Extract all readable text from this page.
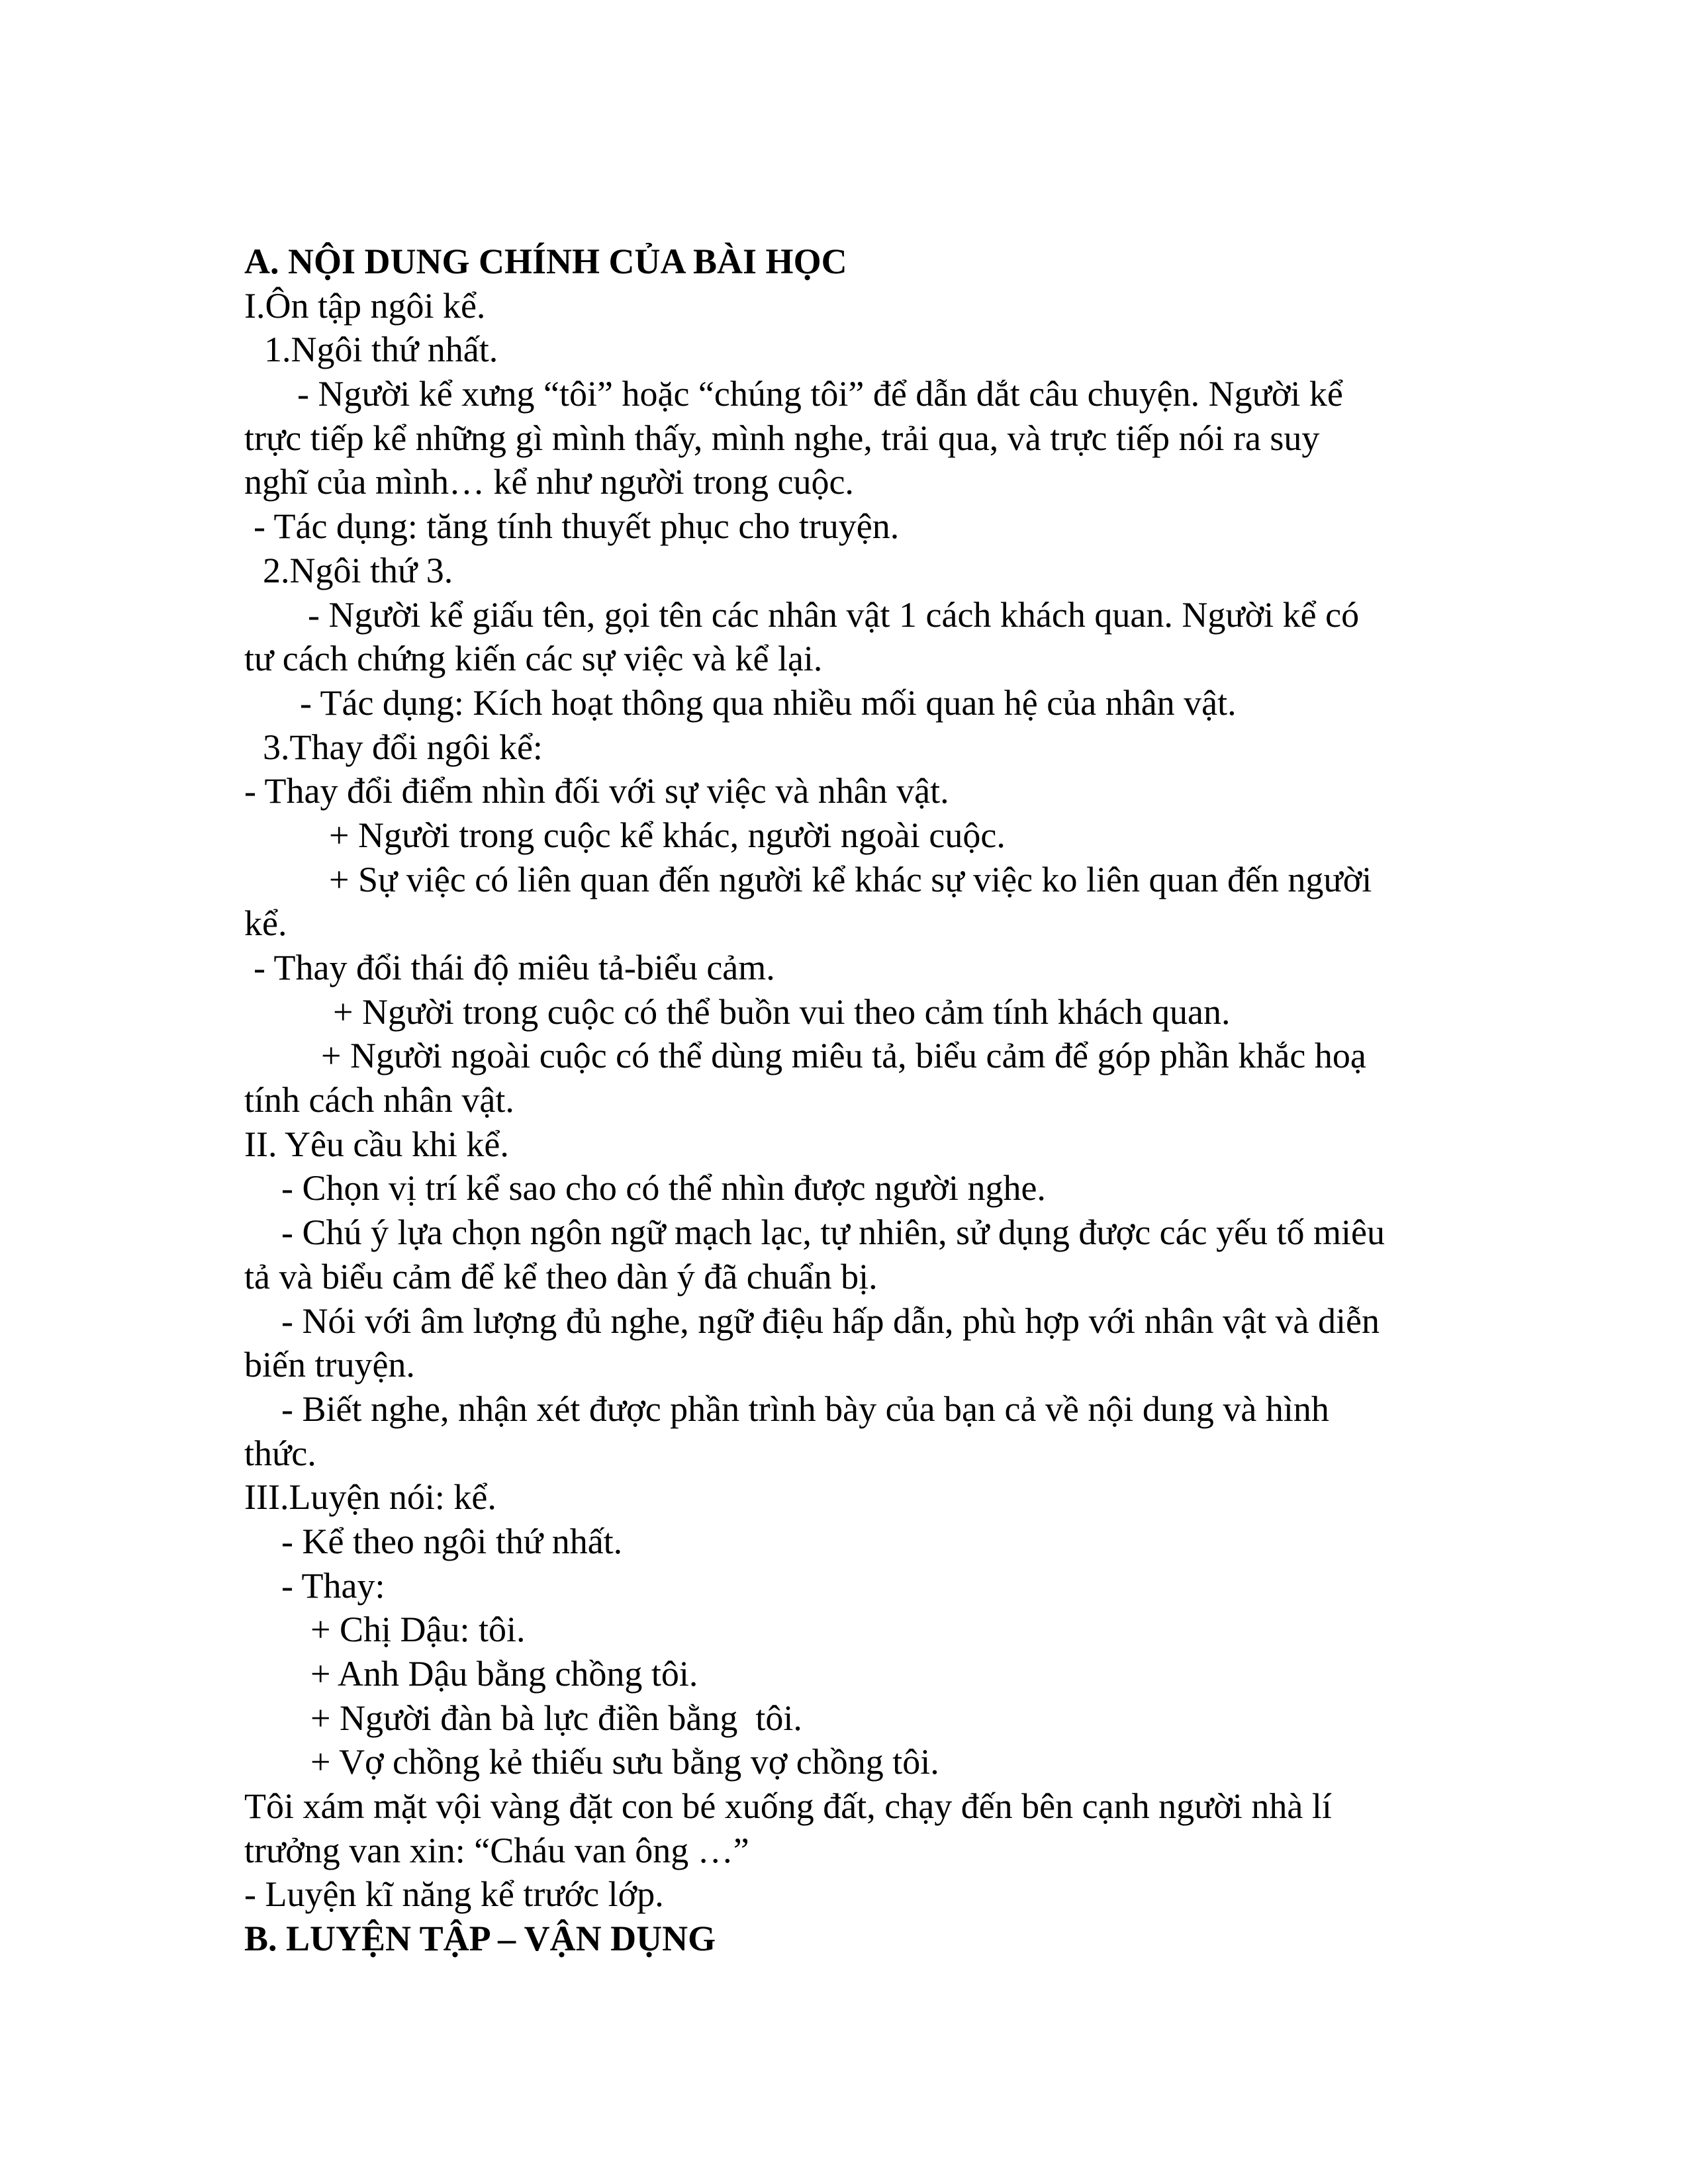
A. NỘI DUNG CHÍNH CỦA BÀI HỌC
I.Ôn tập ngôi kể.
1.Ngôi thứ nhất.
- Người kể xưng “tôi” hoặc “chúng tôi” để dẫn dắt câu chuyện. Người kể
trực tiếp kể những gì mình thấy, mình nghe, trải qua, và trực tiếp nói ra suy
nghĩ của mình… kể như người trong cuộc.
- Tác dụng: tăng tính thuyết phục cho truyện.
2.Ngôi thứ 3.
- Người kể giấu tên, gọi tên các nhân vật 1 cách khách quan. Người kể có
tư cách chứng kiến các sự việc và kể lại.
- Tác dụng: Kích hoạt thông qua nhiều mối quan hệ của nhân vật.
3.Thay đổi ngôi kể:
- Thay đổi điểm nhìn đối với sự việc và nhân vật.
+ Người trong cuộc kể khác, người ngoài cuộc.
+ Sự việc có liên quan đến người kể khác sự việc ko liên quan đến người
kể.
- Thay đổi thái độ miêu tả-biểu cảm.
+ Người trong cuộc có thể buồn vui theo cảm tính khách quan.
+ Người ngoài cuộc có thể dùng miêu tả, biểu cảm để góp phần khắc hoạ
tính cách nhân vật.
II. Yêu cầu khi kể.
- Chọn vị trí kể sao cho có thể nhìn được người nghe.
- Chú ý lựa chọn ngôn ngữ mạch lạc, tự nhiên, sử dụng được các yếu tố miêu
tả và biểu cảm để kể theo dàn ý đã chuẩn bị.
- Nói với âm lượng đủ nghe, ngữ điệu hấp dẫn, phù hợp với nhân vật và diễn
biến truyện.
- Biết nghe, nhận xét được phần trình bày của bạn cả về nội dung và hình
thức.
III.Luyện nói: kể.
- Kể theo ngôi thứ nhất.
- Thay:
+ Chị Dậu: tôi.
+ Anh Dậu bằng chồng tôi.
+ Người đàn bà lực điền bằng  tôi.
+ Vợ chồng kẻ thiếu sưu bằng vợ chồng tôi.
Tôi xám mặt vội vàng đặt con bé xuống đất, chạy đến bên cạnh người nhà lí
trưởng van xin: “Cháu van ông …”
- Luyện kĩ năng kể trước lớp.
B. LUYỆN TẬP – VẬN DỤNG
